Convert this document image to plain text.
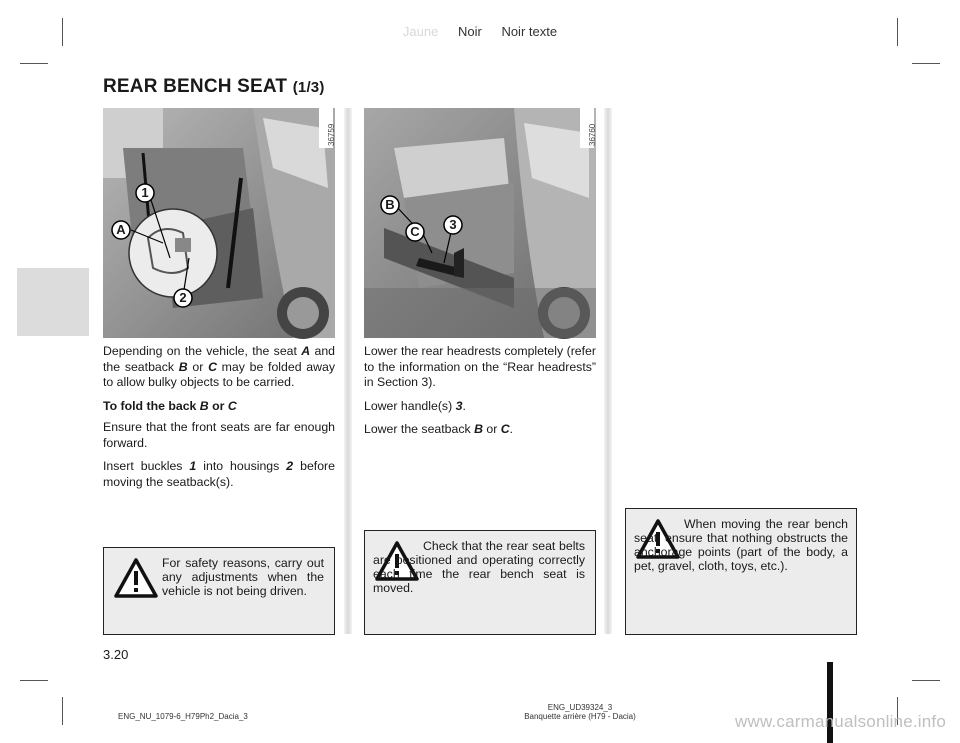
Jaune Noir Noir texte
REAR BENCH SEAT (1/3)
36759
1
A
2
36760
B
3
C

Depending on the vehicle, the seat A and the seatback B or C may be folded away to allow bulky objects to be carried.

To fold the back B or C

Ensure that the front seats are far enough forward.

Insert buckles 1 into housings 2 before moving the seatback(s).

Lower the rear headrests completely (refer to the information on the “Rear headrests” in Section 3).

Lower handle(s) 3.

Lower the seatback B or C.

For safety reasons, carry out any adjustments when the vehicle is not being driven.
Check that the rear seat belts are positioned and operating correctly each time the rear bench seat is moved.
When moving the rear bench seat, ensure that nothing obstructs the anchorage points (part of the body, a pet, gravel, cloth, toys, etc.).
3.20
ENG_NU_1079-6_H79Ph2_Dacia_3
ENG_UD39324_3
Banquette arrière (H79 - Dacia)	www.carmanualsonline.info
